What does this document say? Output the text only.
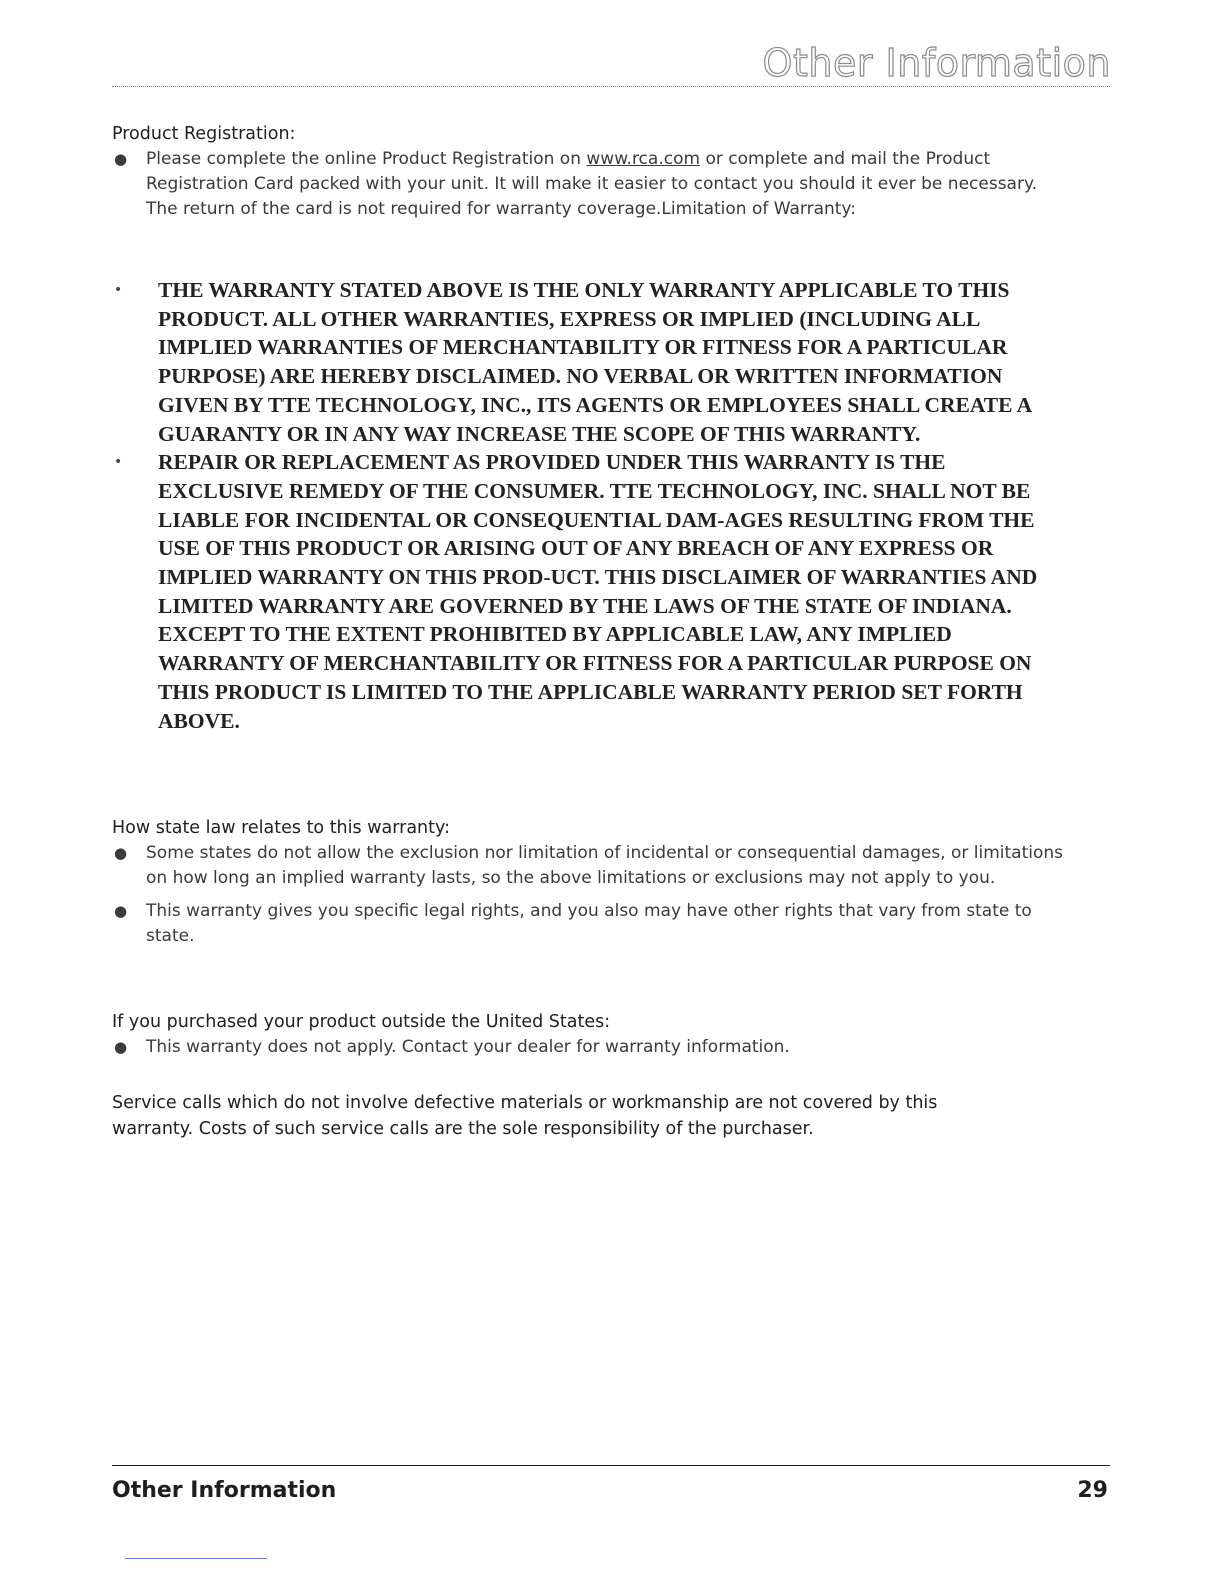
Other Information

Product Registration:

● Please complete the online Product Registration on www.rca.com or complete and mail the Product Registration Card packed with your unit. It will make it easier to contact you should it ever be necessary. The return of the card is not required for warranty coverage.Limitation of Warranty:
• THE WARRANTY STATED ABOVE IS THE ONLY WARRANTY APPLICABLE TO THIS PRODUCT. ALL OTHER WARRANTIES, EXPRESS OR IMPLIED (INCLUDING ALL IMPLIED WARRANTIES OF MERCHANTABILITY OR FITNESS FOR A PARTICULAR PURPOSE) ARE HEREBY DISCLAIMED. NO VERBAL OR WRITTEN INFORMATION GIVEN BY TTE TECHNOLOGY, INC., ITS AGENTS OR EMPLOYEES SHALL CREATE A GUARANTY OR IN ANY WAY INCREASE THE SCOPE OF THIS WARRANTY.
• REPAIR OR REPLACEMENT AS PROVIDED UNDER THIS WARRANTY IS THE EXCLUSIVE REMEDY OF THE CONSUMER. TTE TECHNOLOGY, INC. SHALL NOT BE LIABLE FOR INCIDENTAL OR CONSEQUENTIAL DAM-AGES RESULTING FROM THE USE OF THIS PRODUCT OR ARISING OUT OF ANY BREACH OF ANY EXPRESS OR IMPLIED WARRANTY ON THIS PROD-UCT. THIS DISCLAIMER OF WARRANTIES AND LIMITED WARRANTY ARE GOVERNED BY THE LAWS OF THE STATE OF INDIANA. EXCEPT TO THE EXTENT PROHIBITED BY APPLICABLE LAW, ANY IMPLIED WARRANTY OF MERCHANTABILITY OR FITNESS FOR A PARTICULAR PURPOSE ON THIS PRODUCT IS LIMITED TO THE APPLICABLE WARRANTY PERIOD SET FORTH ABOVE.

How state law relates to this warranty:

● Some states do not allow the exclusion nor limitation of incidental or consequential damages, or limitations on how long an implied warranty lasts, so the above limitations or exclusions may not apply to you.
● This warranty gives you specific legal rights, and you also may have other rights that vary from state to state.

If you purchased your product outside the United States:

● This warranty does not apply. Contact your dealer for warranty information.

Service calls which do not involve defective materials or workmanship are not covered by this warranty. Costs of such service calls are the sole responsibility of the purchaser.

Other Information	29
